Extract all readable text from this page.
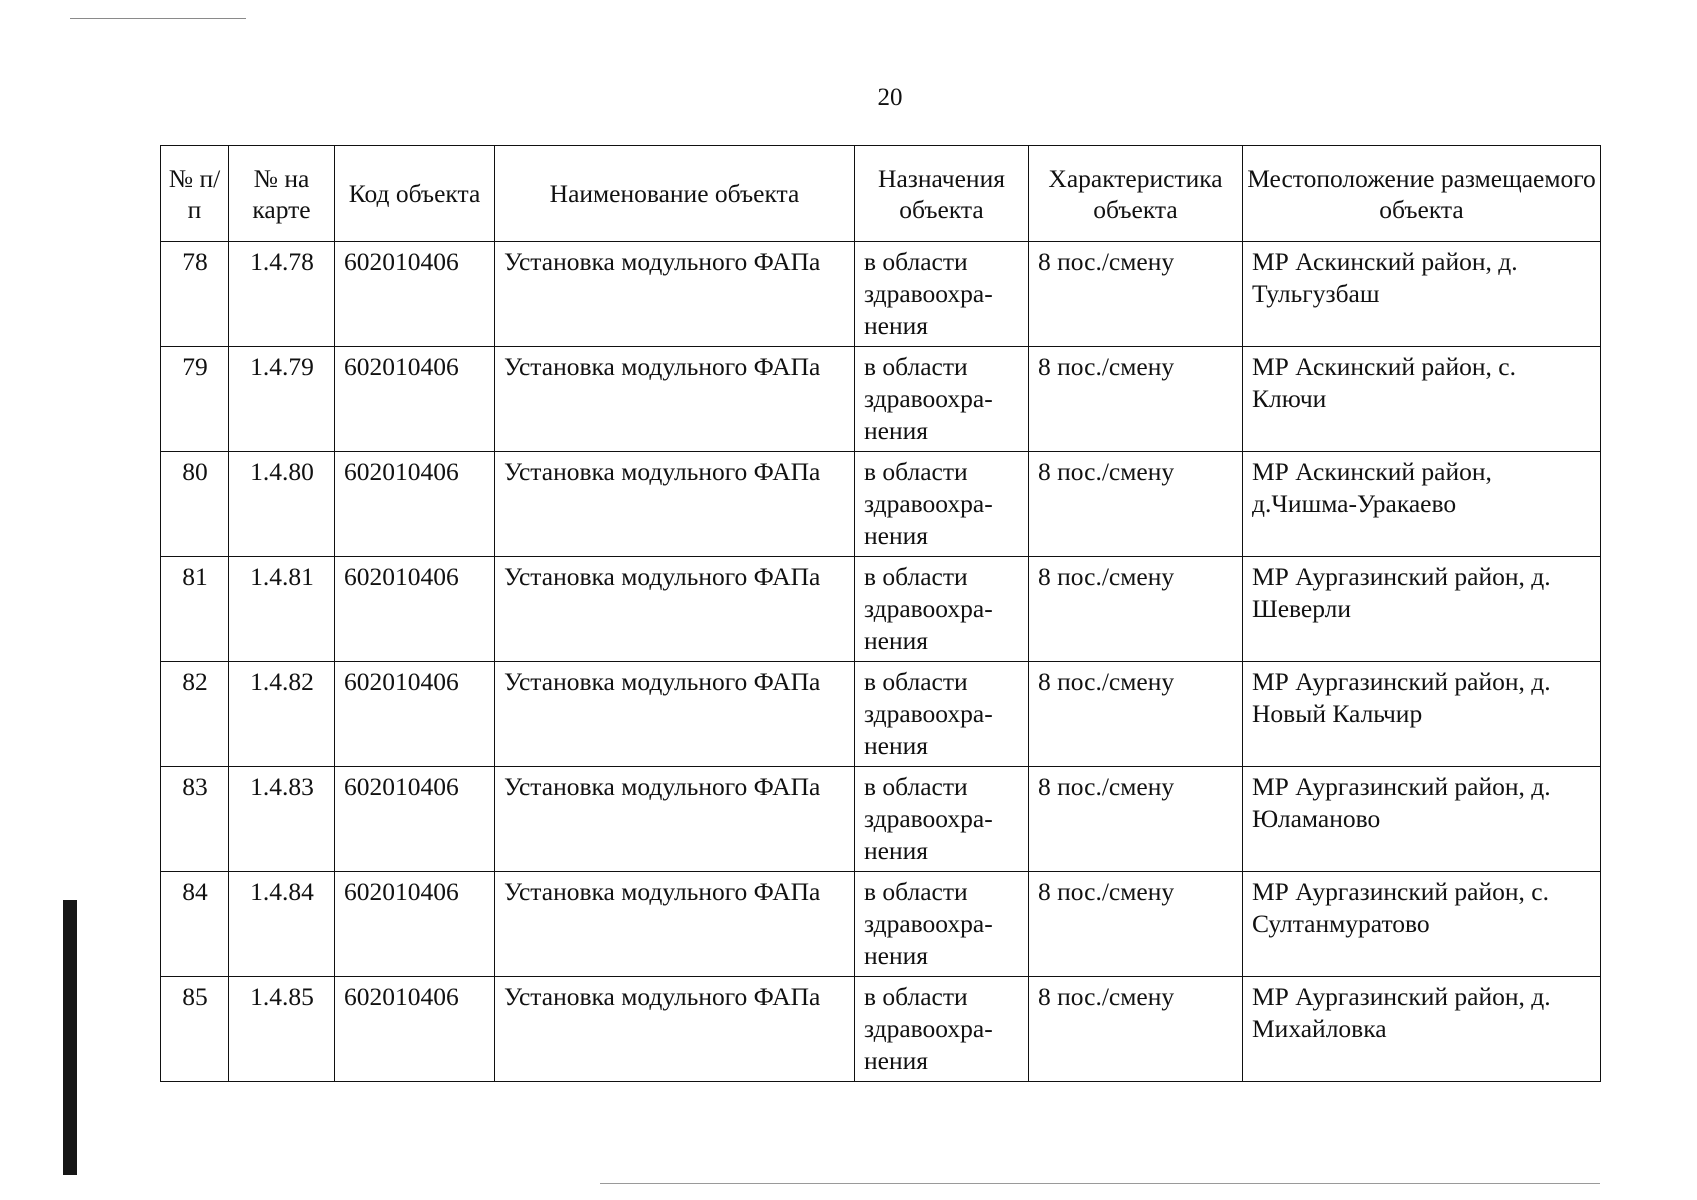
20
№ п/п	№ на карте	Код объекта	Наименование объекта	Назначения объекта	Характеристика объекта	Местоположение размещаемого объекта
78	1.4.78	602010406	Установка модульного ФАПа	в области здравоохра-нения	8 пос./смену	МР Аскинский район, д. Тульгузбаш
79	1.4.79	602010406	Установка модульного ФАПа	в области здравоохра-нения	8 пос./смену	МР Аскинский район, с. Ключи
80	1.4.80	602010406	Установка модульного ФАПа	в области здравоохра-нения	8 пос./смену	МР Аскинский район, д.Чишма-Уракаево
81	1.4.81	602010406	Установка модульного ФАПа	в области здравоохра-нения	8 пос./смену	МР Аургазинский район, д. Шеверли
82	1.4.82	602010406	Установка модульного ФАПа	в области здравоохра-нения	8 пос./смену	МР Аургазинский район, д. Новый Кальчир
83	1.4.83	602010406	Установка модульного ФАПа	в области здравоохра-нения	8 пос./смену	МР Аургазинский район, д. Юламаново
84	1.4.84	602010406	Установка модульного ФАПа	в области здравоохра-нения	8 пос./смену	МР Аургазинский район, с. Султанмуратово
85	1.4.85	602010406	Установка модульного ФАПа	в области здравоохра-нения	8 пос./смену	МР Аургазинский район, д. Михайловка
